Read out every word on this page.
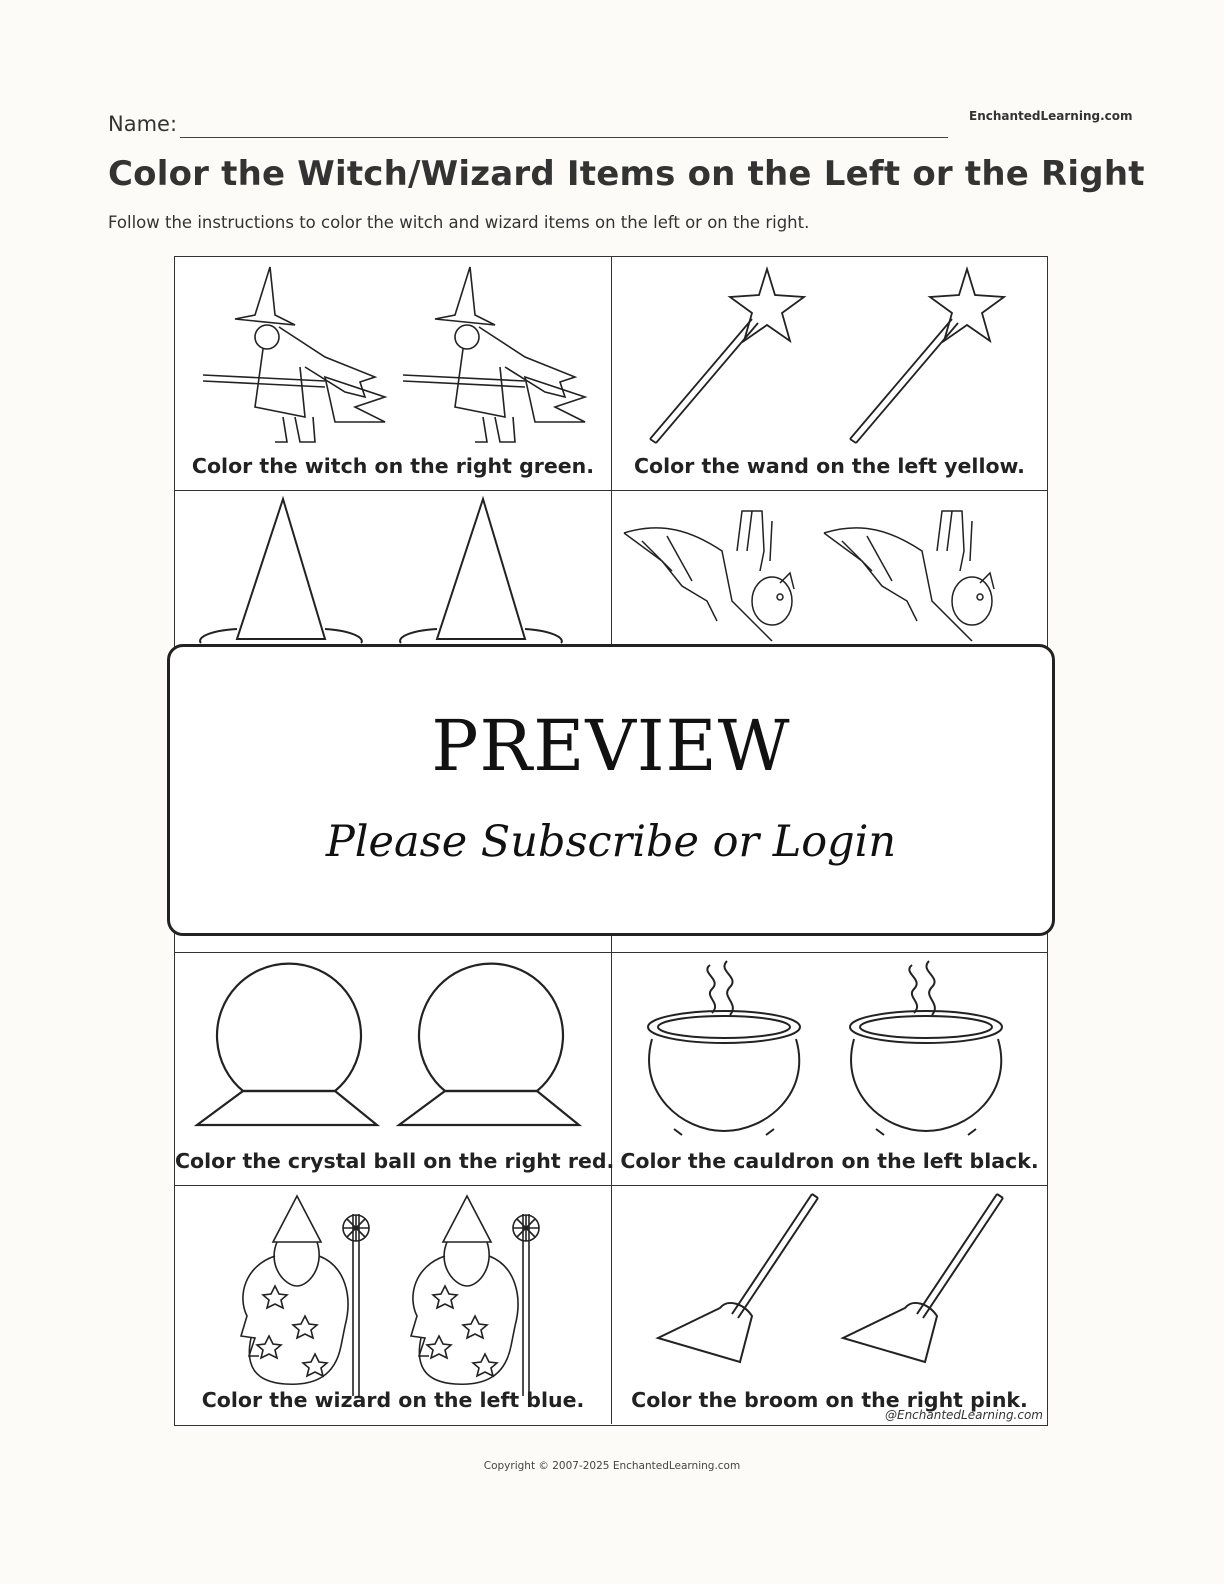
Name:	EnchantedLearning.com
Color the Witch/Wizard Items on the Left or the Right
Follow the instructions to color the witch and wizard items on the left or on the right.
Color the witch on the right green.	Color the wand on the left yellow.
Color the crystal ball on the right red. Color the cauldron on the left black.
Color the wizard on the left blue.	Color the broom on the right pink.
@EnchantedLearning.com
PREVIEW
Please Subscribe or Login
Copyright © 2007-2025 EnchantedLearning.com
